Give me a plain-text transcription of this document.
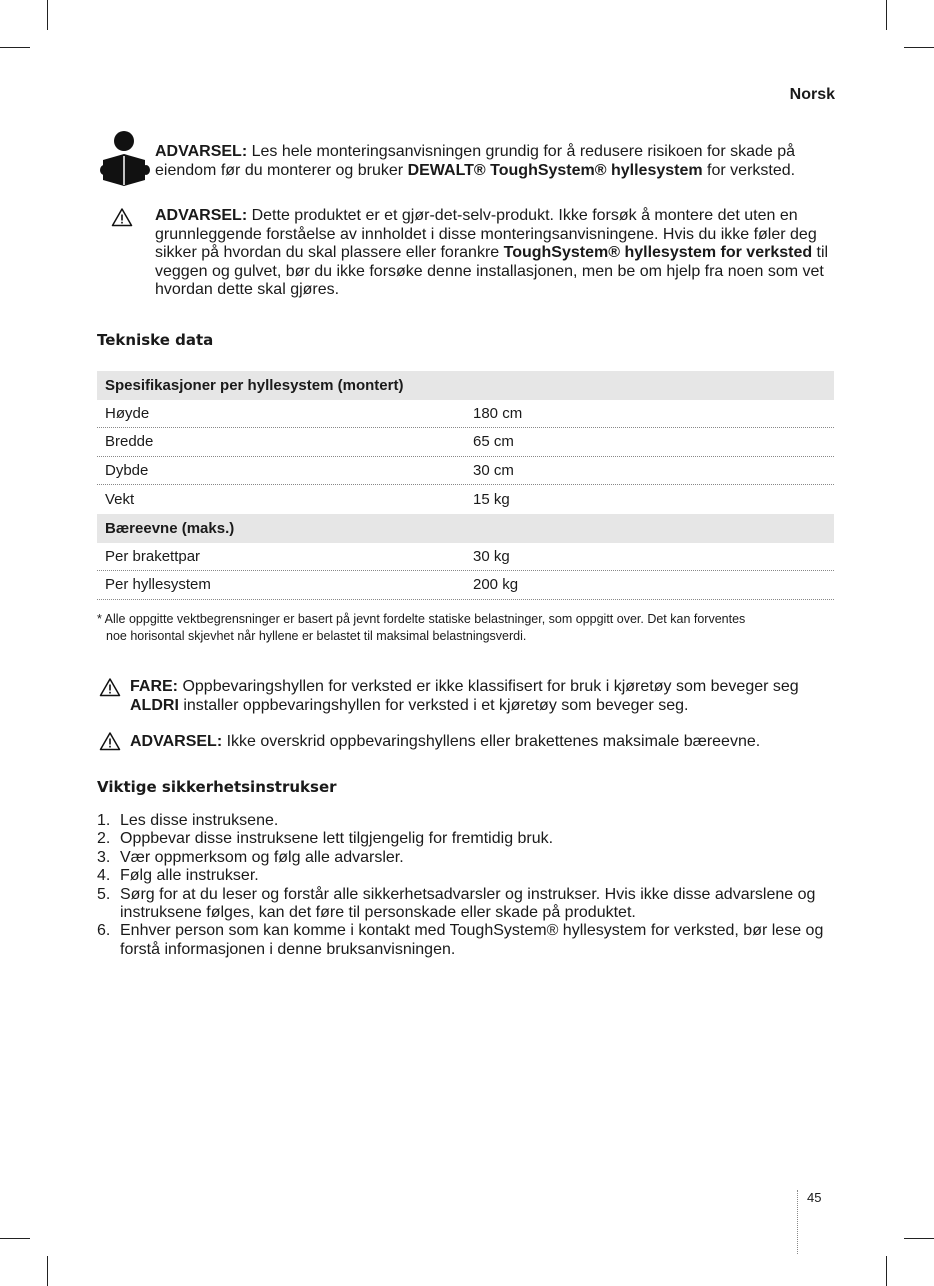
Norsk
ADVARSEL: Les hele monteringsanvisningen grundig for å redusere risikoen for skade på eiendom før du monterer og bruker DEWALT® ToughSystem® hyllesystem for verksted.
ADVARSEL: Dette produktet er et gjør-det-selv-produkt. Ikke forsøk å montere det uten en grunnleggende forståelse av innholdet i disse monteringsanvisningene. Hvis du ikke føler deg sikker på hvordan du skal plassere eller forankre ToughSystem® hyllesystem for verksted til veggen og gulvet, bør du ikke forsøke denne installasjonen, men be om hjelp fra noen som vet hvordan dette skal gjøres.
Tekniske data
Spesifikasjoner per hyllesystem (montert)
Høyde	180 cm
Bredde	65 cm
Dybde	30 cm
Vekt	15 kg
Bæreevne (maks.)
Per brakettpar	30 kg
Per hyllesystem	200 kg
* Alle oppgitte vektbegrensninger er basert på jevnt fordelte statiske belastninger, som oppgitt over. Det kan forventes
noe horisontal skjevhet når hyllene er belastet til maksimal belastningsverdi.
FARE: Oppbevaringshyllen for verksted er ikke klassifisert for bruk i kjøretøy som beveger seg
ALDRI installer oppbevaringshyllen for verksted i et kjøretøy som beveger seg.
ADVARSEL: Ikke overskrid oppbevaringshyllens eller brakettenes maksimale bæreevne.
Viktige sikkerhetsinstrukser
1. Les disse instruksene.
2. Oppbevar disse instruksene lett tilgjengelig for fremtidig bruk.
3. Vær oppmerksom og følg alle advarsler.
4. Følg alle instrukser.
5. Sørg for at du leser og forstår alle sikkerhetsadvarsler og instrukser. Hvis ikke disse advarslene og instruksene følges, kan det føre til personskade eller skade på produktet.
6. Enhver person som kan komme i kontakt med ToughSystem® hyllesystem for verksted, bør lese og forstå informasjonen i denne bruksanvisningen.
45
